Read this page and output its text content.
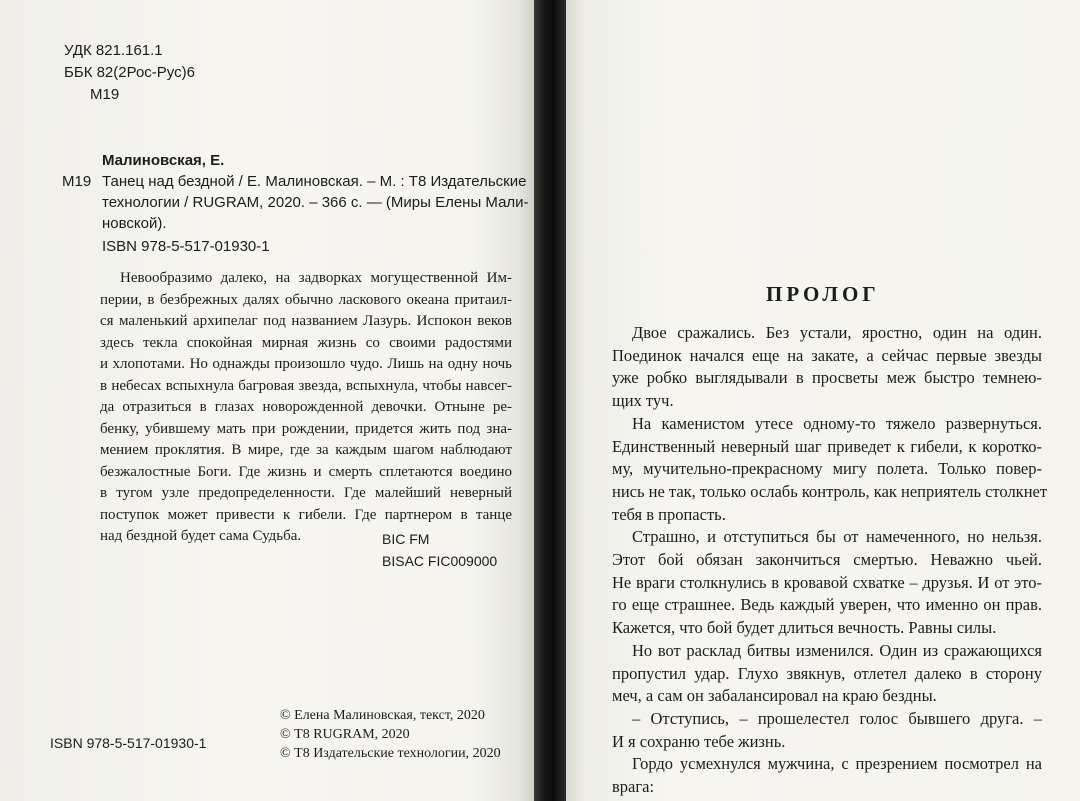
УДК 821.161.1
ББК 82(2Рос-Рус)6
М19
Малиновская, Е.
М19 Танец над бездной / Е. Малиновская. – М. : Т8 Издательские
технологии / RUGRAM, 2020. – 366 с. — (Миры Елены Мали-
новской).
ISBN 978-5-517-01930-1
Невообразимо далеко, на задворках могущественной Им-
перии, в безбрежных далях обычно ласкового океана притаил-
ся маленький архипелаг под названием Лазурь. Испокон веков
здесь текла спокойная мирная жизнь со своими радостями
и хлопотами. Но однажды произошло чудо. Лишь на одну ночь
в небесах вспыхнула багровая звезда, вспыхнула, чтобы навсег-
да отразиться в глазах новорожденной девочки. Отныне ре-
бенку, убившему мать при рождении, придется жить под зна-
мением проклятия. В мире, где за каждым шагом наблюдают
безжалостные Боги. Где жизнь и смерть сплетаются воедино
в тугом узле предопределенности. Где малейший неверный
поступок может привести к гибели. Где партнером в танце
над бездной будет сама Судьба.	BIC FM
BISAC FIC009000
© Елена Малиновская, текст, 2020
© Т8 RUGRAM, 2020
© Т8 Издательские технологии, 2020
ISBN 978-5-517-01930-1
ПРОЛОГ
Двое сражались. Без устали, яростно, один на один.
Поединок начался еще на закате, а сейчас первые звезды
уже робко выглядывали в просветы меж быстро темнею-
щих туч.
На каменистом утесе одному-то тяжело развернуться.
Единственный неверный шаг приведет к гибели, к коротко-
му, мучительно-прекрасному мигу полета. Только повер-
нись не так, только ослабь контроль, как неприятель столкнет
тебя в пропасть.
Страшно, и отступиться бы от намеченного, но нельзя.
Этот бой обязан закончиться смертью. Неважно чьей.
Не враги столкнулись в кровавой схватке – друзья. И от это-
го еще страшнее. Ведь каждый уверен, что именно он прав.
Кажется, что бой будет длиться вечность. Равны силы.
Но вот расклад битвы изменился. Один из сражающихся
пропустил удар. Глухо звякнув, отлетел далеко в сторону
меч, а сам он забалансировал на краю бездны.
– Отступись, – прошелестел голос бывшего друга. –
И я сохраню тебе жизнь.
Гордо усмехнулся мужчина, с презрением посмотрел на
врага:
